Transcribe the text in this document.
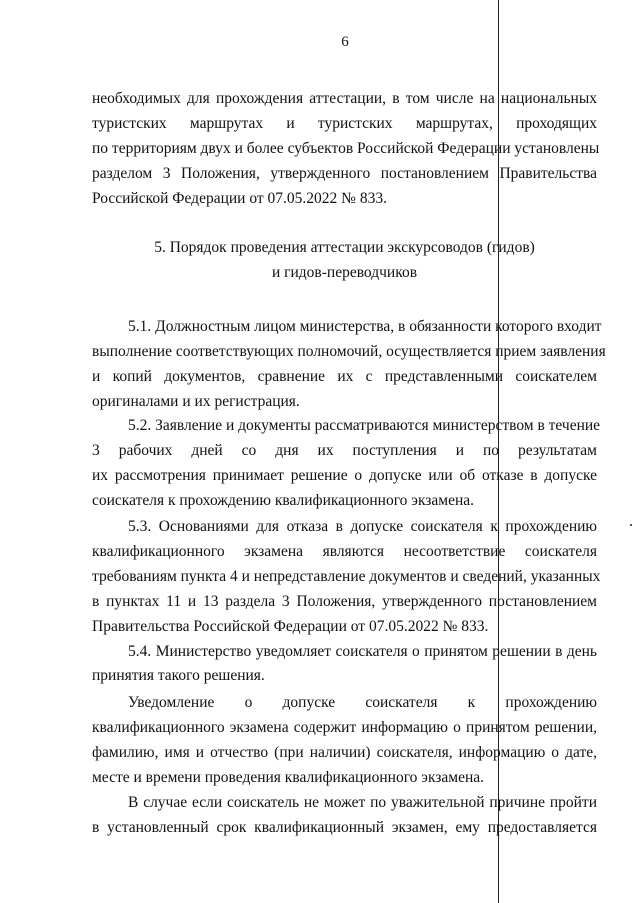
6
необходимых для прохождения аттестации, в том числе на национальных
туристских маршрутах и туристских маршрутах, проходящих
по территориям двух и более субъектов Российской Федерации установлены
разделом 3 Положения, утвержденного постановлением Правительства
Российской Федерации от 07.05.2022 № 833.
5. Порядок проведения аттестации экскурсоводов (гидов)
и гидов-переводчиков
5.1. Должностным лицом министерства, в обязанности которого входит
выполнение соответствующих полномочий, осуществляется прием заявления
и копий документов, сравнение их с представленными соискателем
оригиналами и их регистрация.
5.2. Заявление и документы рассматриваются министерством в течение
3 рабочих дней со дня их поступления и по результатам
их рассмотрения принимает решение о допуске или об отказе в допуске
соискателя к прохождению квалификационного экзамена.
5.3. Основаниями для отказа в допуске соискателя к прохождению
квалификационного экзамена являются несоответствие соискателя
требованиям пункта 4 и непредставление документов и сведений, указанных
в пунктах 11 и 13 раздела 3 Положения, утвержденного постановлением
Правительства Российской Федерации от 07.05.2022 № 833.
5.4. Министерство уведомляет соискателя о принятом решении в день
принятия такого решения.
Уведомление о допуске соискателя к прохождению
квалификационного экзамена содержит информацию о принятом решении,
фамилию, имя и отчество (при наличии) соискателя, информацию о дате,
месте и времени проведения квалификационного экзамена.
В случае если соискатель не может по уважительной причине пройти
в установленный срок квалификационный экзамен, ему предоставляется
